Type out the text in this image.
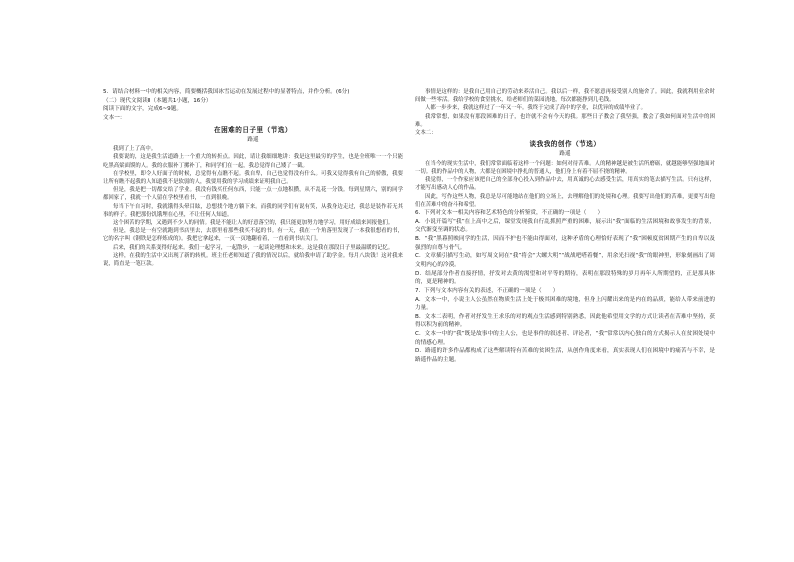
5．请结合材料一中的相关内容，简要概括我国冰雪运动在发展过程中的显著特点，并作分析。(6分)

（二）现代文阅读Ⅱ（本题共1小题，16分）

阅读下面的文字，完成6~9题。

文本一：

在困难的日子里（节选）
路遥

我到了上了高中。

我要说的，这是我生活道路上一个重大的转折点。因此，请让我细细地讲：我是这里最穷的学生，也是全班唯一一个只能吃黑高粱面馍的人。我的衣服补丁摞补丁，和同学们在一起，我总觉得自己矮了一截。

在学校里，即令人好面子的时候，总觉得有点瞧不起。我自卑，自己也觉得没有什么。可我又觉得我有自己的骄傲，我要让所有瞧不起我的人知道我不是软弱的人，我要用我的学习成绩来证明我自己。

但是，我是把一切都交给了学业。我没有钱买任何东西，只能一点一点地积攒，从不乱花一分钱。每到星期六，别的同学都回家了，我就一个人留在学校里看书，一直到很晚。

每当下午自习时，我就饿得头晕目眩，总想找个地方躺下来。而我的同学们有说有笑，从我身边走过，我总是装作若无其事的样子。我把那份饥饿埋在心里，不让任何人知道。

这个困苦的学期，又遇到不少人的同情。我是不能让人的好意落空的，我只能更加努力地学习，用好成绩来回报他们。

但是，我总是一有空就跑到书店里去，去那里看那些我买不起的书。有一天，我在一个角落里发现了一本我很想看的书，它的名字叫《钢铁是怎样炼成的》。我把它拿起来，一页一页地翻看着，一直看到书店关门。

后来，我们的关系变得好起来。我们一起学习，一起散步，一起谈论理想和未来。这是我在那段日子里最温暖的记忆。

这样，在我的生活中又出现了新的转机。班主任老师知道了我的情况以后，就给我申请了助学金。每月八块钱！这对我来说，简直是一笔巨款。

事情是这样的：是我自己用自己的劳动来养活自己。我以后一样，我不愿意再接受别人的施舍了。因此，我就利用业余时间做一些零活。我给学校的食堂挑水，给老师们的菜园浇地，每次都能挣到几毛钱。

人都一步步来，我就这样过了一年又一年。我终于完成了高中的学业，以优异的成绩毕业了。

我常常想，如果没有那段困难的日子，也许就不会有今天的我。那些日子教会了我坚强，教会了我如何面对生活中的困难。

文本二：

谈我我的创作（节选）
路遥

在当今的现实生活中，我们常常面临着这样一个问题：如何对待苦难。人的精神越是被生活所磨砺，就越能够坚强地面对一切。我的作品中的人物，大都是在困境中挣扎的普通人，他们身上有着不屈不挠的精神。

我觉得，一个作家应该把自己的全部身心投入到作品中去，用真诚的心去感受生活，用真实的笔去描写生活。只有这样，才能写出感动人心的作品。

因此，写作这些人物，我总是尽可能地站在他们的立场上，去理解他们的处境和心理。我要写出他们的苦难，更要写出他们在苦难中的奋斗和希望。

6．下列对文本一相关内容和艺术特色的分析鉴赏，不正确的一项是（　　）

A．小说开篇写“我”在上高中之后，课堂发现我自行乱抓照严重的困难，展示出“我”面临的生活困境和故事发生的背景，交代渐变至调的状态。

B．“我”黑暮照映同学的生活，因而不护也不能由得面对，这种矛盾的心理恰好表现了“我”困顿度贫困期产生的自卑以及强烈的自尊与骨气。

C．文章插引描写生动，如写周文同在“我”将会“大螺大明”“战战吧嗒着餐”，用余光扫视“我”的眼神里，形象刻画出了周文明内心的冷漠。

D．结尾部分作者直接抒情，抒发对去黄的渴望和对平等的期待，表明在那段特殊的岁月再年人所期望的，正是那具体的，更是精神的。

7．下列与文本内容有关的表述，不正确的一项是（　　）

A．文本一中，小说主人公虽然在物质生活上处于极其困难的境地，但身上闪耀出来的是内在的品质，能给人带来前进的力量。

B．文本二表明，作者对抒发生王求乐的对的观点生活感到特别熟悉，因此他希望用文学的方式让读者在苦难中坚持，获得以积为前的精神。

C．文本一中的“我”既是故事中的主人公，也是事件的叙述者、评论者，“我”常常以内心独白的方式揭示人在贫困处境中的情感心理。

D．路遥的许多作品都构成了这些解读特有苦难的贫困生活，从创作角度来看，真实表现人们在困境中的痛苦与不幸，是路遥作品的主题。
